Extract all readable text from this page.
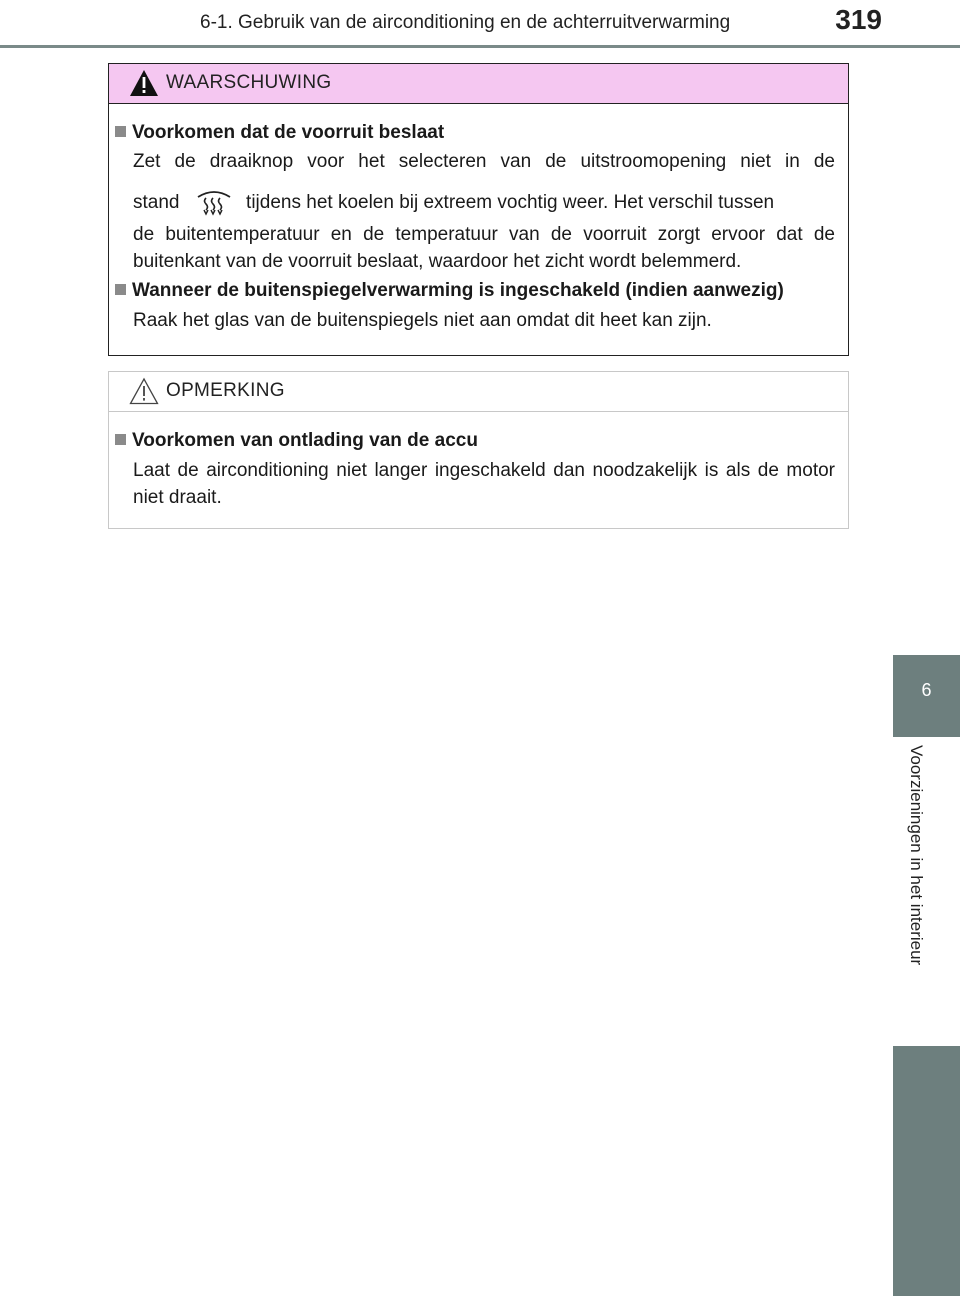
6-1. Gebruik van de airconditioning en de achterruitverwarming	319
6
Voorzieningen in het interieur
WAARSCHUWING
Voorkomen dat de voorruit beslaat
Zet de draaiknop voor het selecteren van de uitstroomopening niet in de
stand	tijdens het koelen bij extreem vochtig weer. Het verschil tussen
de buitentemperatuur en de temperatuur van de voorruit zorgt ervoor dat de buitenkant van de voorruit beslaat, waardoor het zicht wordt belemmerd.
Wanneer de buitenspiegelverwarming is ingeschakeld (indien aanwezig)
Raak het glas van de buitenspiegels niet aan omdat dit heet kan zijn.
OPMERKING
Voorkomen van ontlading van de accu
Laat de airconditioning niet langer ingeschakeld dan noodzakelijk is als de motor niet draait.
